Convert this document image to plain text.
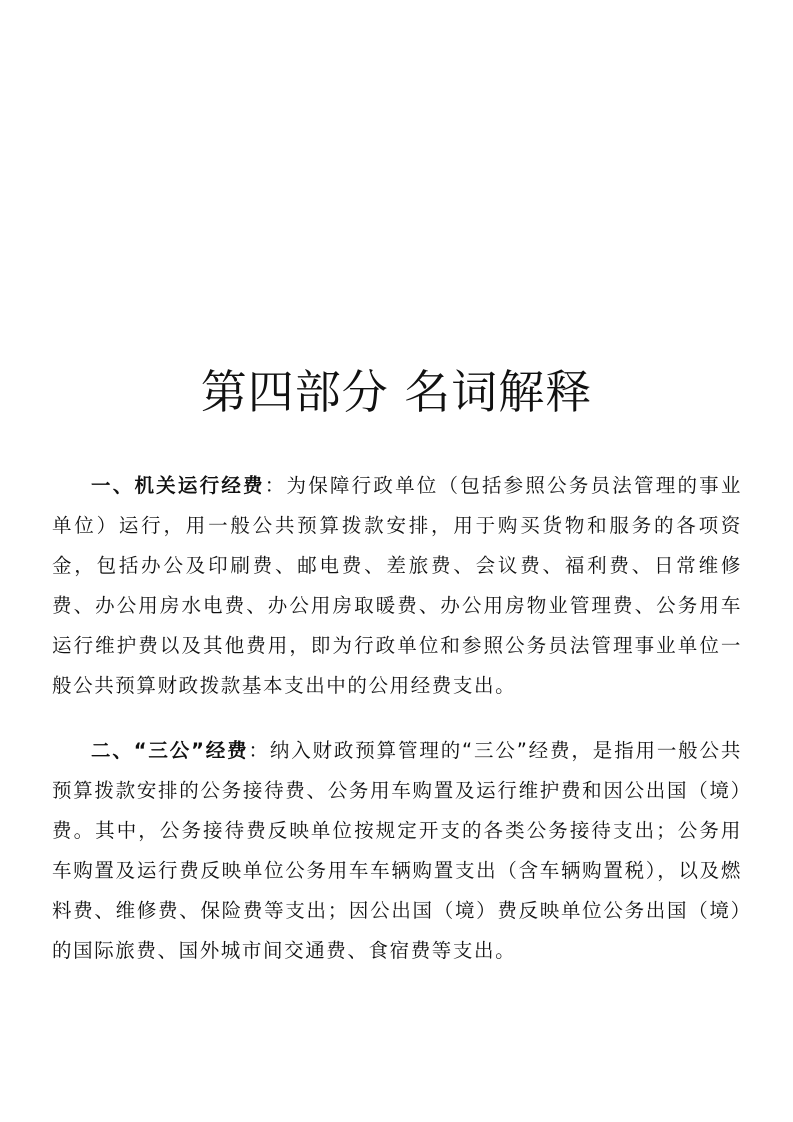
第四部分 名词解释

一、机关运行经费：为保障行政单位（包括参照公务员法管理的事业单位）运行，用一般公共预算拨款安排，用于购买货物和服务的各项资金，包括办公及印刷费、邮电费、差旅费、会议费、福利费、日常维修费、办公用房水电费、办公用房取暖费、办公用房物业管理费、公务用车运行维护费以及其他费用，即为行政单位和参照公务员法管理事业单位一般公共预算财政拨款基本支出中的公用经费支出。

二、“三公”经费：纳入财政预算管理的“三公”经费，是指用一般公共预算拨款安排的公务接待费、公务用车购置及运行维护费和因公出国（境）费。其中，公务接待费反映单位按规定开支的各类公务接待支出；公务用车购置及运行费反映单位公务用车车辆购置支出（含车辆购置税），以及燃料费、维修费、保险费等支出；因公出国（境）费反映单位公务出国（境）的国际旅费、国外城市间交通费、食宿费等支出。
